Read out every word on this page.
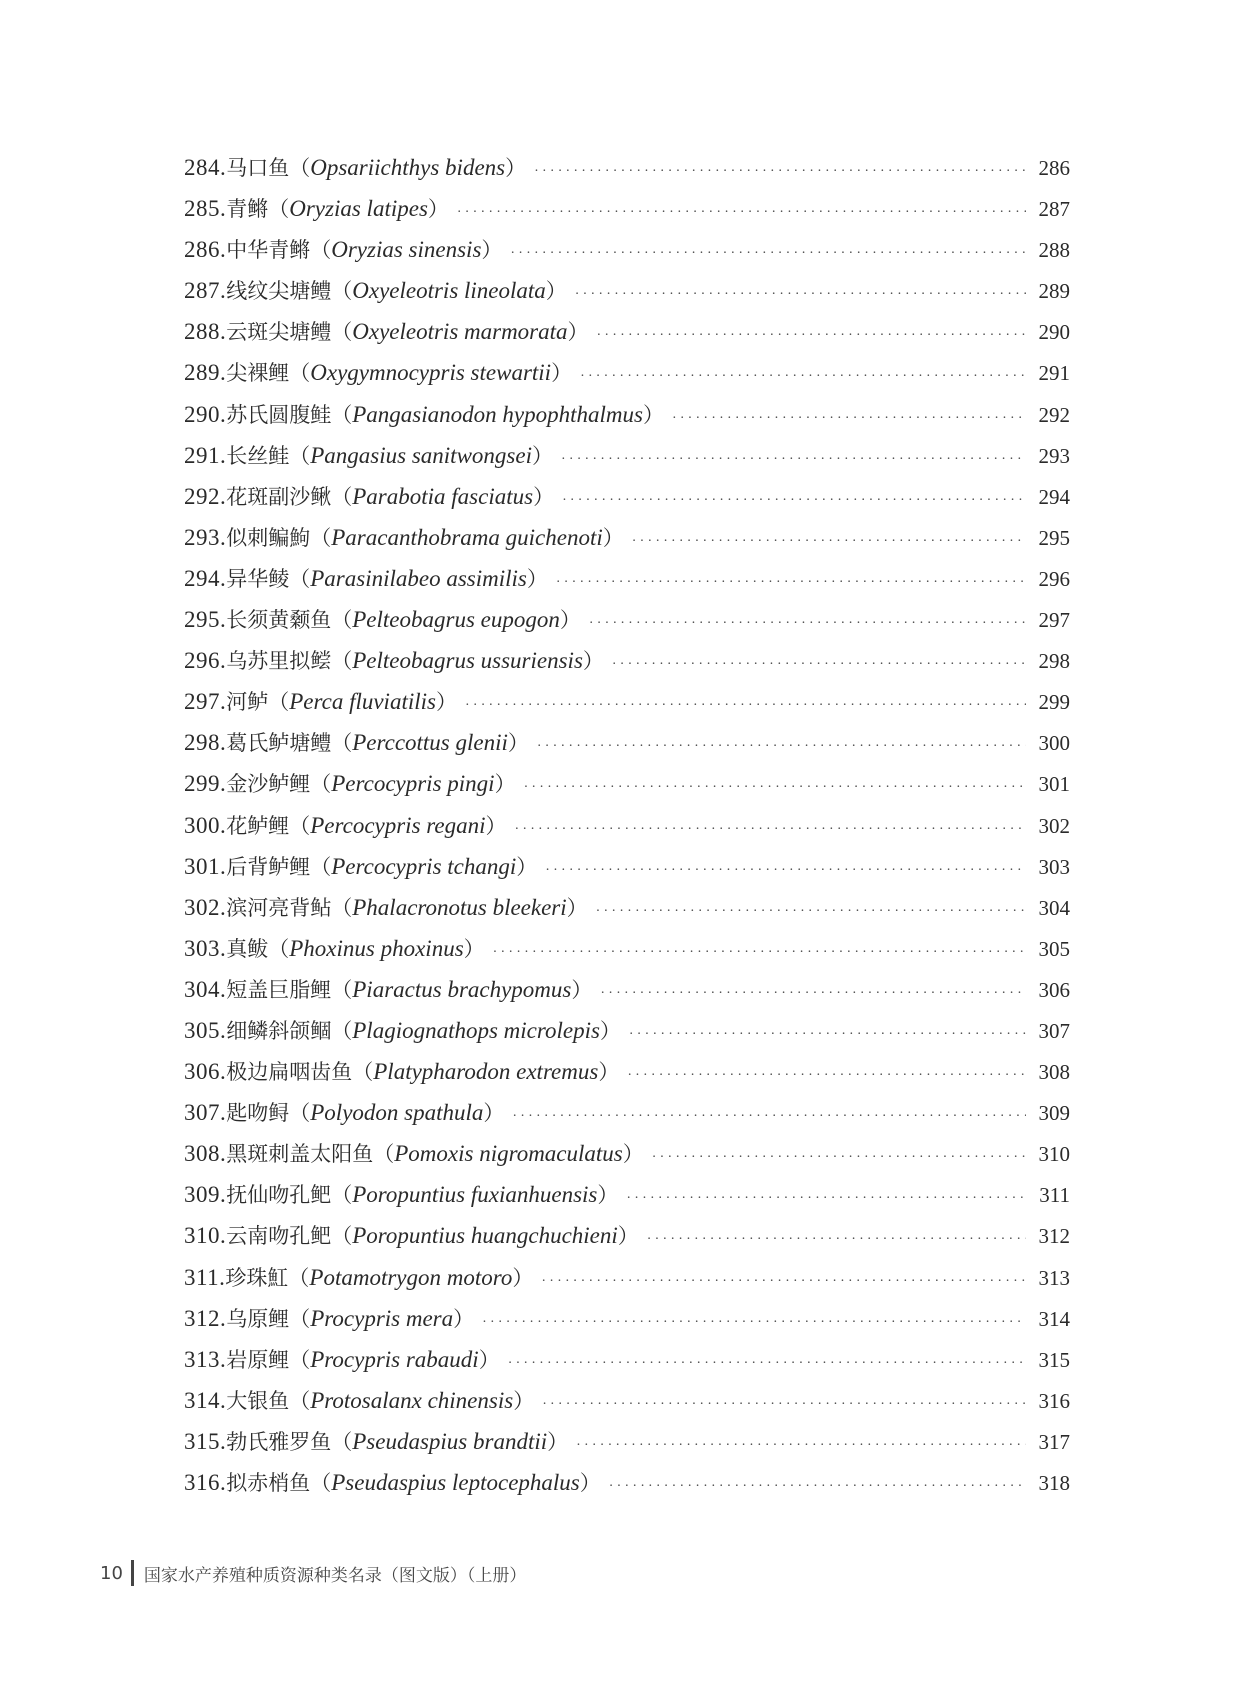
284. 马口鱼 （ Opsariichthys bidens ） ·····	286
285. 青鳉 （ Oryzias latipes ） ·····	287
286. 中华青鳉 （ Oryzias sinensis ） ·····	288
287. 线纹尖塘鳢 （ Oxyeleotris lineolata ） ·····	289
288. 云斑尖塘鳢 （ Oxyeleotris marmorata ） ·····	290
289. 尖裸鲤 （ Oxygymnocypris stewartii ） ·····	291
290. 苏氏圆腹鲑 （ Pangasianodon hypophthalmus ） ·····	292
291. 长丝鲑 （ Pangasius sanitwongsei ） ·····	293
292. 花斑副沙鳅 （ Parabotia fasciatus ） ·····	294
293. 似刺鳊鮈 （ Paracanthobrama guichenoti ） ·····	295
294. 异华鲮 （ Parasinilabeo assimilis ） ·····	296
295. 长须黄颡鱼 （ Pelteobagrus eupogon ） ·····	297
296. 乌苏里拟鲿 （ Pelteobagrus ussuriensis ） ·····	298
297. 河鲈 （ Perca fluviatilis ） ·····	299
298. 葛氏鲈塘鳢 （ Perccottus glenii ） ·····	300
299. 金沙鲈鲤 （ Percocypris pingi ） ·····	301
300. 花鲈鲤 （ Percocypris regani ） ·····	302
301. 后背鲈鲤 （ Percocypris tchangi ） ·····	303
302. 滨河亮背鲇 （ Phalacronotus bleekeri ） ·····	304
303. 真鲅 （ Phoxinus phoxinus ） ·····	305
304. 短盖巨脂鲤 （ Piaractus brachypomus ） ·····	306
305. 细鳞斜颌鲴 （ Plagiognathops microlepis ） ·····	307
306. 极边扁咽齿鱼 （ Platypharodon extremus ） ·····	308
307. 匙吻鲟 （ Polyodon spathula ） ·····	309
308. 黑斑刺盖太阳鱼 （ Pomoxis nigromaculatus ） ·····	310
309. 抚仙吻孔鲃 （ Poropuntius fuxianhuensis ） ·····	311
310. 云南吻孔鲃 （ Poropuntius huangchuchieni ） ·····	312
311. 珍珠魟 （ Potamotrygon motoro ） ·····	313
312. 乌原鲤 （ Procypris mera ） ·····	314
313. 岩原鲤 （ Procypris rabaudi ） ·····	315
314. 大银鱼 （ Protosalanx chinensis ） ·····	316
315. 勃氏雅罗鱼 （ Pseudaspius brandtii ） ·····	317
316. 拟赤梢鱼 （ Pseudaspius leptocephalus ） ·····	318
10 国家水产养殖种质资源种类名录（图文版）（上册）
